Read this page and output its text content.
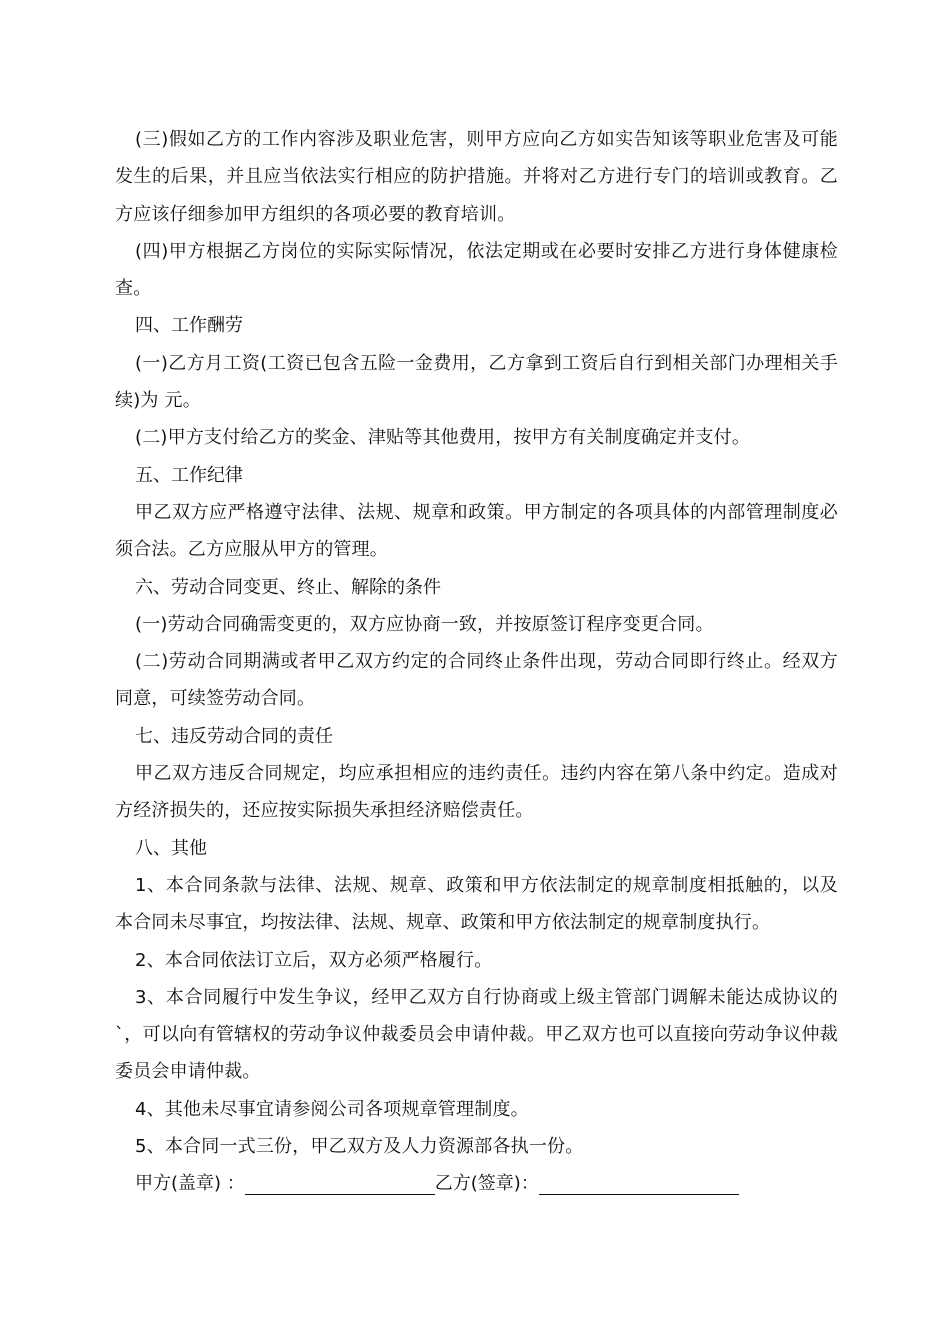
(三)假如乙方的工作内容涉及职业危害，则甲方应向乙方如实告知该等职业危害及可能发生的后果，并且应当依法实行相应的防护措施。并将对乙方进行专门的培训或教育。乙方应该仔细参加甲方组织的各项必要的教育培训。

(四)甲方根据乙方岗位的实际实际情况，依法定期或在必要时安排乙方进行身体健康检查。

四、工作酬劳

(一)乙方月工资(工资已包含五险一金费用，乙方拿到工资后自行到相关部门办理相关手续)为 元。

(二)甲方支付给乙方的奖金、津贴等其他费用，按甲方有关制度确定并支付。

五、工作纪律

甲乙双方应严格遵守法律、法规、规章和政策。甲方制定的各项具体的内部管理制度必须合法。乙方应服从甲方的管理。

六、劳动合同变更、终止、解除的条件

(一)劳动合同确需变更的，双方应协商一致，并按原签订程序变更合同。

(二)劳动合同期满或者甲乙双方约定的合同终止条件出现，劳动合同即行终止。经双方同意，可续签劳动合同。

七、违反劳动合同的责任

甲乙双方违反合同规定，均应承担相应的违约责任。违约内容在第八条中约定。造成对方经济损失的，还应按实际损失承担经济赔偿责任。

八、其他

1、本合同条款与法律、法规、规章、政策和甲方依法制定的规章制度相抵触的，以及本合同未尽事宜，均按法律、法规、规章、政策和甲方依法制定的规章制度执行。

2、本合同依法订立后，双方必须严格履行。

3、本合同履行中发生争议，经甲乙双方自行协商或上级主管部门调解未能达成协议的`，可以向有管辖权的劳动争议仲裁委员会申请仲裁。甲乙双方也可以直接向劳动争议仲裁委员会申请仲裁。

4、其他未尽事宜请参阅公司各项规章管理制度。

5、本合同一式三份，甲乙双方及人力资源部各执一份。

甲方(盖章) ：	乙方(签章)：
